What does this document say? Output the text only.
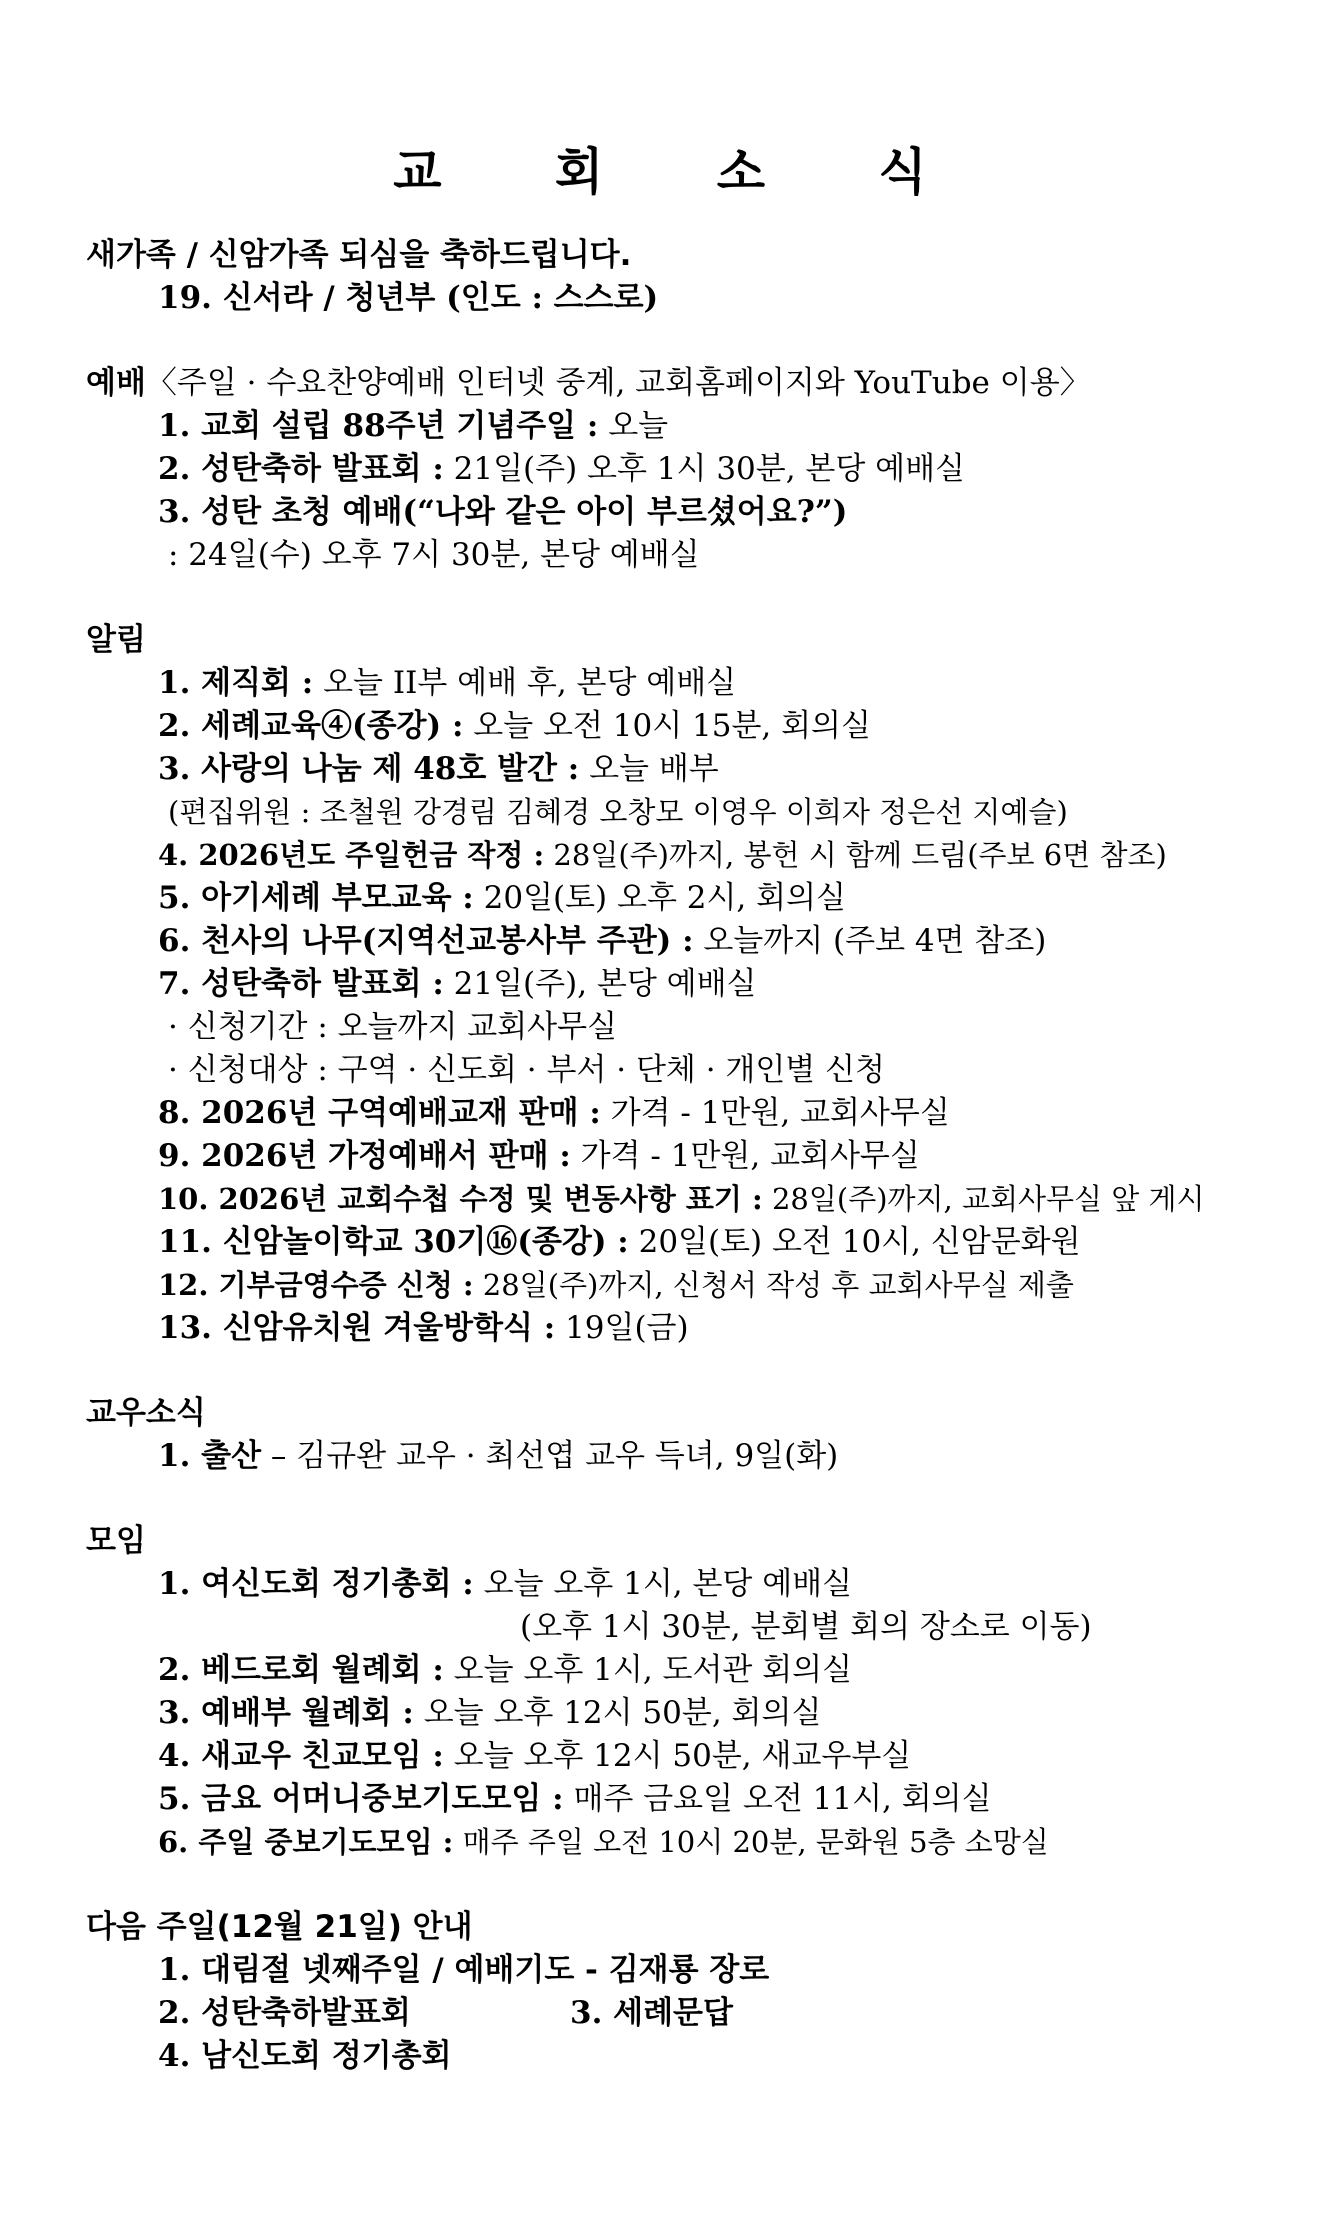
교 회 소 식
새가족 / 신암가족 되심을 축하드립니다.
19. 신서라 / 청년부 (인도 : 스스로)
예배〈주일 · 수요찬양예배 인터넷 중계, 교회홈페이지와 YouTube 이용〉
1. 교회 설립 88주년 기념주일 : 오늘
2. 성탄축하 발표회 : 21일(주) 오후 1시 30분, 본당 예배실
3. 성탄 초청 예배(“나와 같은 아이 부르셨어요?”)
: 24일(수) 오후 7시 30분, 본당 예배실
알림
1. 제직회 : 오늘 II부 예배 후, 본당 예배실
2. 세례교육④(종강) : 오늘 오전 10시 15분, 회의실
3. 사랑의 나눔 제 48호 발간 : 오늘 배부
(편집위원 : 조철원 강경림 김혜경 오창모 이영우 이희자 정은선 지예슬)
4. 2026년도 주일헌금 작정 : 28일(주)까지, 봉헌 시 함께 드림(주보 6면 참조)
5. 아기세례 부모교육 : 20일(토) 오후 2시, 회의실
6. 천사의 나무(지역선교봉사부 주관) : 오늘까지 (주보 4면 참조)
7. 성탄축하 발표회 : 21일(주), 본당 예배실
· 신청기간 : 오늘까지 교회사무실
· 신청대상 : 구역 · 신도회 · 부서 · 단체 · 개인별 신청
8. 2026년 구역예배교재 판매 : 가격 - 1만원, 교회사무실
9. 2026년 가정예배서 판매 : 가격 - 1만원, 교회사무실
10. 2026년 교회수첩 수정 및 변동사항 표기 : 28일(주)까지, 교회사무실 앞 게시
11. 신암놀이학교 30기⑯(종강) : 20일(토) 오전 10시, 신암문화원
12. 기부금영수증 신청 : 28일(주)까지, 신청서 작성 후 교회사무실 제출
13. 신암유치원 겨울방학식 : 19일(금)
교우소식
1. 출산 – 김규완 교우 · 최선엽 교우 득녀, 9일(화)
모임
1. 여신도회 정기총회 : 오늘 오후 1시, 본당 예배실
(오후 1시 30분, 분회별 회의 장소로 이동)
2. 베드로회 월례회 : 오늘 오후 1시, 도서관 회의실
3. 예배부 월례회 : 오늘 오후 12시 50분, 회의실
4. 새교우 친교모임 : 오늘 오후 12시 50분, 새교우부실
5. 금요 어머니중보기도모임 : 매주 금요일 오전 11시, 회의실
6. 주일 중보기도모임 : 매주 주일 오전 10시 20분, 문화원 5층 소망실
다음 주일(12월 21일) 안내
1. 대림절 넷째주일 / 예배기도 - 김재룡 장로
2. 성탄축하발표회	3. 세례문답
4. 남신도회 정기총회
